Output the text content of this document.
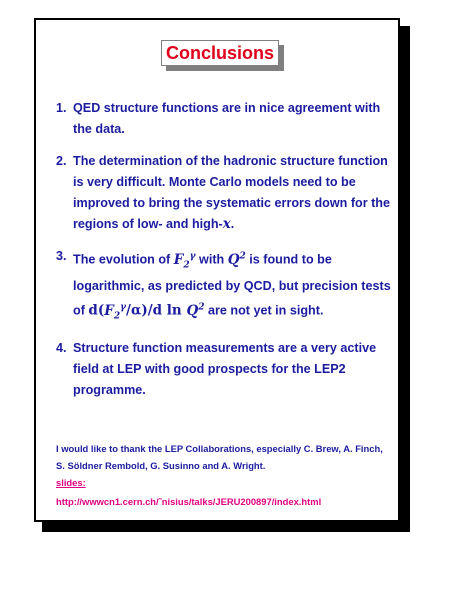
Conclusions
1. QED structure functions are in nice agreement with the data.
2. The determination of the hadronic structure function is very difficult. Monte Carlo models need to be improved to bring the systematic errors down for the regions of low- and high-x.
3. The evolution of $F_2^\gamma$ with $Q^2$ is found to be logarithmic, as predicted by QCD, but precision tests of $d(F_2^\gamma/\alpha)/d$ $\ln Q^2$ are not yet in sight.
4. Structure function measurements are a very active field at LEP with good prospects for the LEP2 programme.
I would like to thank the LEP Collaborations, especially C. Brew, A. Finch, S. Söldner Rembold, G. Susinno and A. Wright.
slides:
http://wwwcn1.cern.ch/˜nisius/talks/JERU200897/index.html
